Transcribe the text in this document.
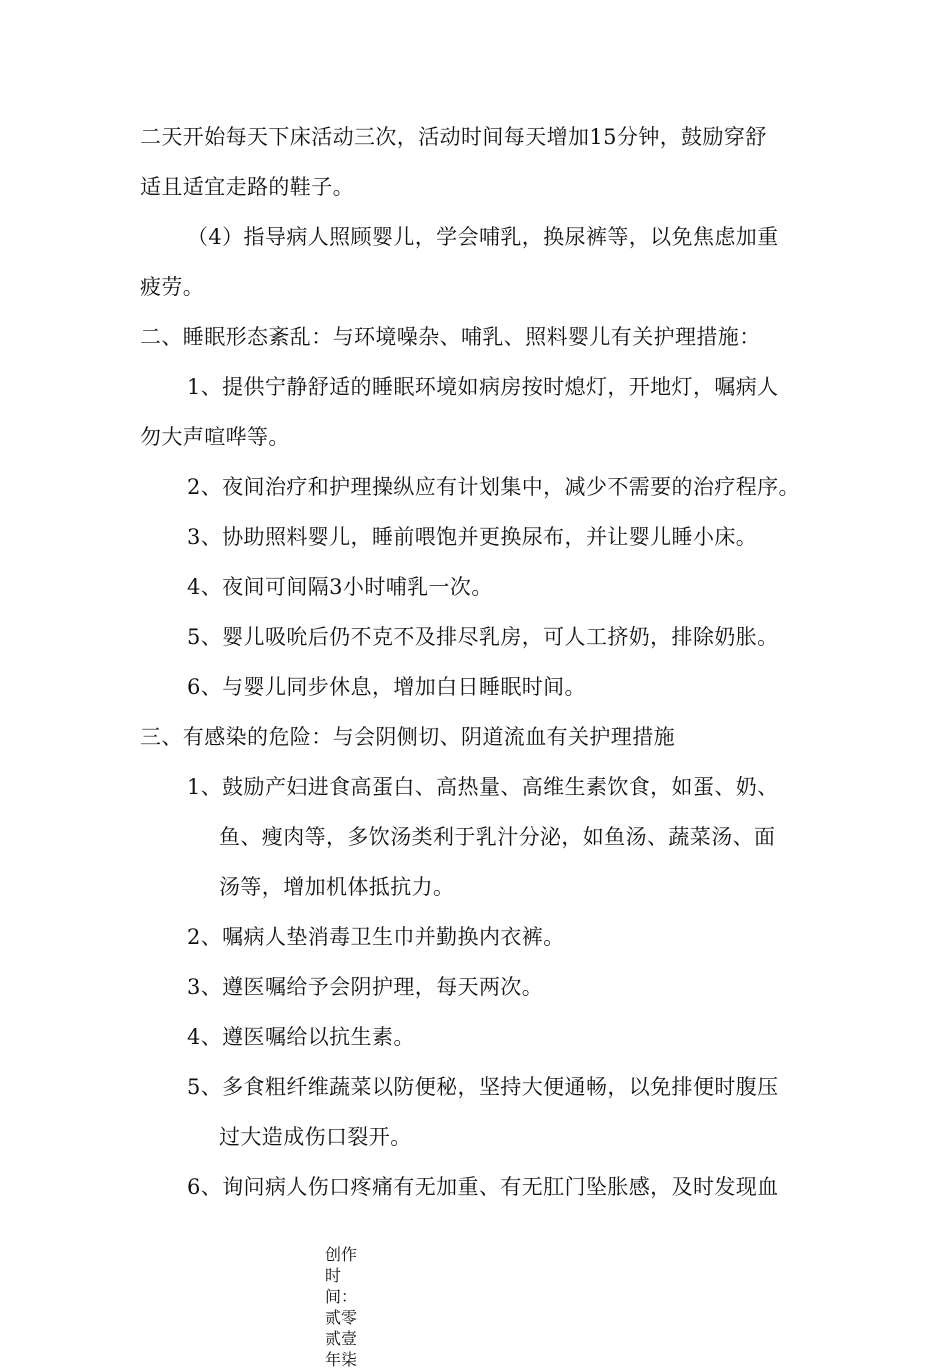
二天开始每天下床活动三次，活动时间每天增加15分钟，鼓励穿舒
适且适宜走路的鞋子。
（4）指导病人照顾婴儿，学会哺乳，换尿裤等，以免焦虑加重
疲劳。
二、睡眠形态紊乱：与环境噪杂、哺乳、照料婴儿有关护理措施：
1、提供宁静舒适的睡眠环境如病房按时熄灯，开地灯，嘱病人
勿大声喧哗等。
2、夜间治疗和护理操纵应有计划集中，减少不需要的治疗程序。
3、协助照料婴儿，睡前喂饱并更换尿布，并让婴儿睡小床。
4、夜间可间隔3小时哺乳一次。
5、婴儿吸吮后仍不克不及排尽乳房，可人工挤奶，排除奶胀。
6、与婴儿同步休息，增加白日睡眠时间。
三、有感染的危险：与会阴侧切、阴道流血有关护理措施
1、鼓励产妇进食高蛋白、高热量、高维生素饮食，如蛋、奶、
鱼、瘦肉等，多饮汤类利于乳汁分泌，如鱼汤、蔬菜汤、面
汤等，增加机体抵抗力。
2、嘱病人垫消毒卫生巾并勤换内衣裤。
3、遵医嘱给予会阴护理，每天两次。
4、遵医嘱给以抗生素。
5、多食粗纤维蔬菜以防便秘，坚持大便通畅，以免排便时腹压
过大造成伤口裂开。
6、询问病人伤口疼痛有无加重、有无肛门坠胀感，及时发现血
创作时间：贰零贰壹年柒
